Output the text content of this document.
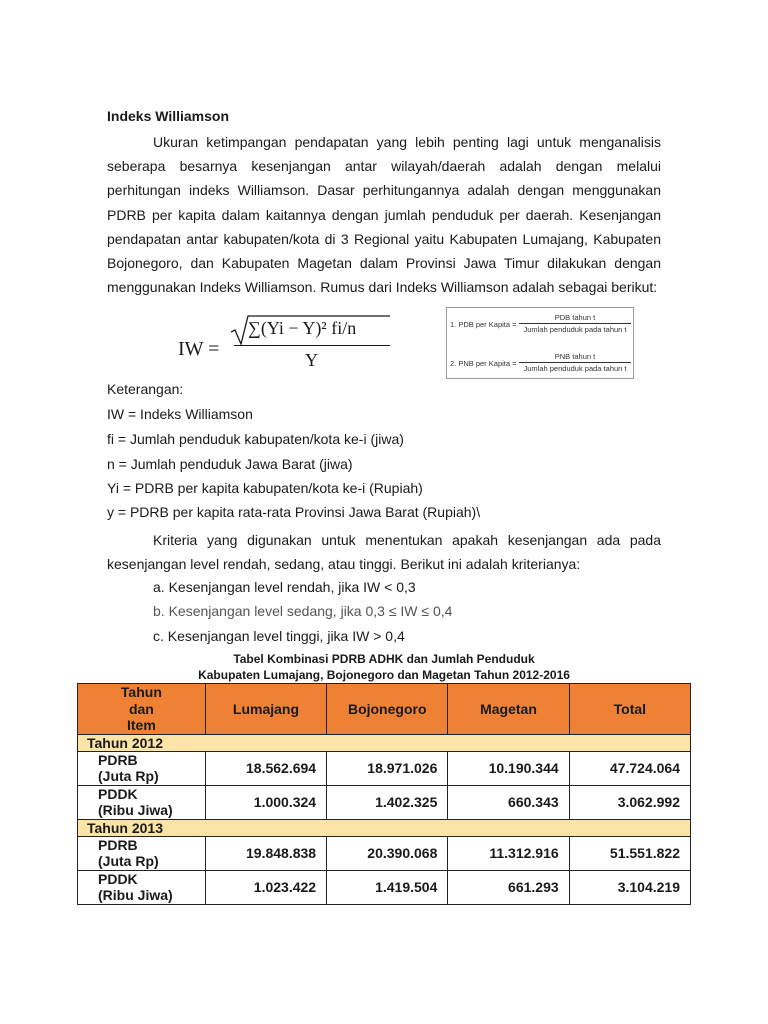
Indeks Williamson

Ukuran ketimpangan pendapatan yang lebih penting lagi untuk menganalisis seberapa besarnya kesenjangan antar wilayah/daerah adalah dengan melalui perhitungan indeks Williamson. Dasar perhitungannya adalah dengan menggunakan PDRB per kapita dalam kaitannya dengan jumlah penduduk per daerah. Kesenjangan pendapatan antar kabupaten/kota di 3 Regional yaitu Kabupaten Lumajang, Kabupaten Bojonegoro, dan Kabupaten Magetan dalam Provinsi Jawa Timur dilakukan dengan menggunakan Indeks Williamson. Rumus dari Indeks Williamson adalah sebagai berikut:

IW =
∑(Yi − Y)² fi/n
Y
1. PDB per Kapita =
PDB tahun t
Jumlah penduduk pada tahun t
2. PNB per Kapita =
PNB tahun t
Jumlah penduduk pada tahun t
Keterangan:
IW = Indeks Williamson
fi = Jumlah penduduk kabupaten/kota ke-i (jiwa)
n = Jumlah penduduk Jawa Barat (jiwa)
Yi = PDRB per kapita kabupaten/kota ke-i (Rupiah)
y = PDRB per kapita rata-rata Provinsi Jawa Barat (Rupiah)\

Kriteria yang digunakan untuk menentukan apakah kesenjangan ada pada kesenjangan level rendah, sedang, atau tinggi. Berikut ini adalah kriterianya:

a. Kesenjangan level rendah, jika IW < 0,3
b. Kesenjangan level sedang, jika 0,3 ≤ IW ≤ 0,4
c. Kesenjangan level tinggi, jika IW > 0,4
Tabel Kombinasi PDRB ADHK dan Jumlah Penduduk
Kabupaten Lumajang, Bojonegoro dan Magetan Tahun 2012-2016
Tahun
dan
Item	Lumajang	Bojonegoro	Magetan	Total
Tahun 2012				

PDRB
(Juta Rp)	18.562.694	18.971.026	10.190.344	47.724.064

PDDK
(Ribu Jiwa)	1.000.324	1.402.325	660.343	3.062.992
Tahun 2013				

PDRB
(Juta Rp)	19.848.838	20.390.068	11.312.916	51.551.822

PDDK
(Ribu Jiwa)	1.023.422	1.419.504	661.293	3.104.219
